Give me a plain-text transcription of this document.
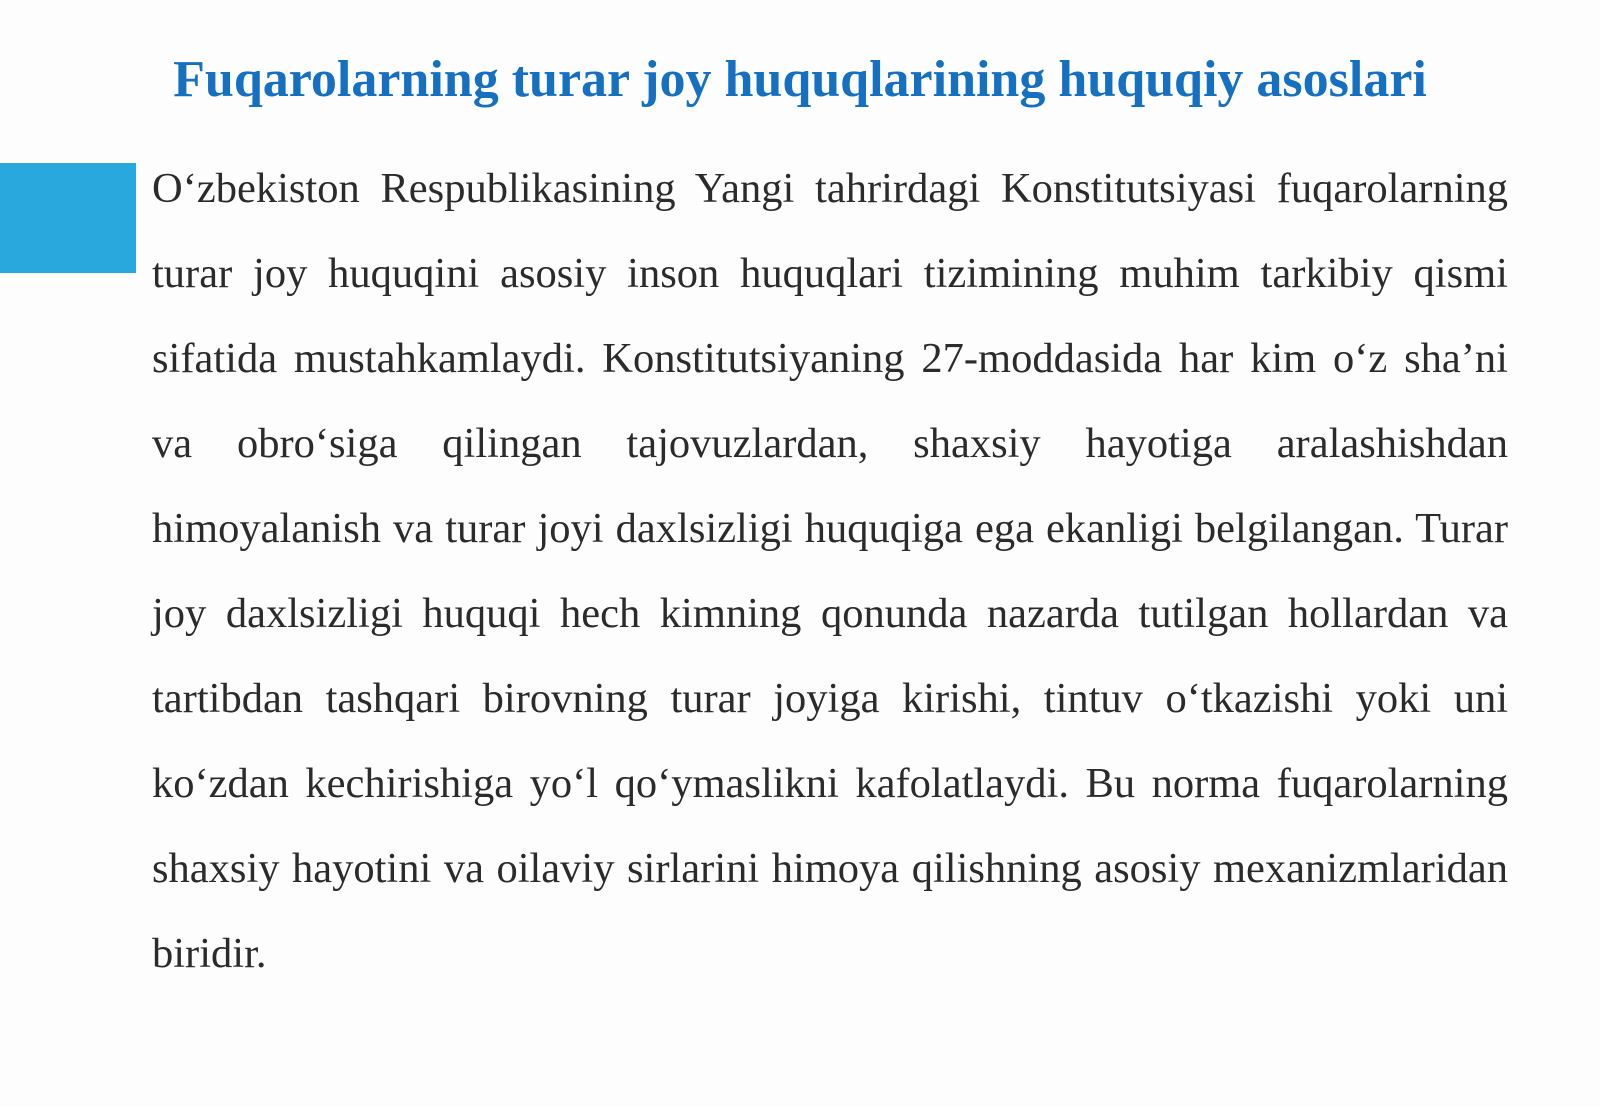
Fuqarolarning turar joy huquqlarining huquqiy asoslari

O‘zbekiston Respublikasining Yangi tahrirdagi Konstitutsiyasi fuqarolarning turar joy huquqini asosiy inson huquqlari tizimining muhim tarkibiy qismi sifatida mustahkamlaydi. Konstitutsiyaning 27-moddasida har kim o‘z sha’ni va obro‘siga qilingan tajovuzlardan, shaxsiy hayotiga aralashishdan himoyalanish va turar joyi daxlsizligi huquqiga ega ekanligi belgilangan. Turar joy daxlsizligi huquqi hech kimning qonunda nazarda tutilgan hollardan va tartibdan tashqari birovning turar joyiga kirishi, tintuv o‘tkazishi yoki uni ko‘zdan kechirishiga yo‘l qo‘ymaslikni kafolatlaydi. Bu norma fuqarolarning shaxsiy hayotini va oilaviy sirlarini himoya qilishning asosiy mexanizmlaridan biridir.
